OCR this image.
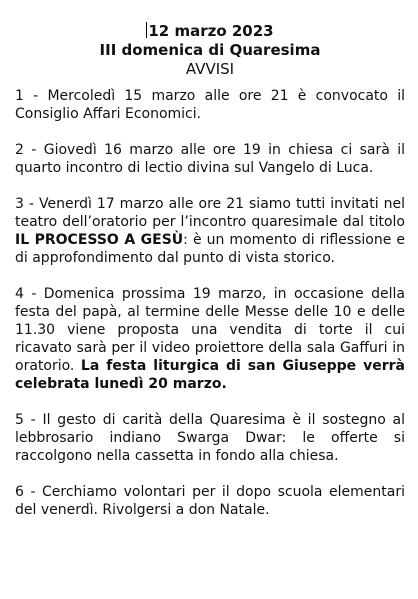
12 marzo 2023
III domenica di Quaresima
AVVISI

1 - Mercoledì 15 marzo alle ore 21 è convocato il Consiglio Affari Economici.

2 - Giovedì 16 marzo alle ore 19 in chiesa ci sarà il quarto incontro di lectio divina sul Vangelo di Luca.

3 - Venerdì 17 marzo alle ore 21 siamo tutti invitati nel teatro dell’oratorio per l’incontro quaresimale dal titolo IL PROCESSO A GESÙ: è un momento di riflessione e di approfondimento dal punto di vista storico.

4 - Domenica prossima 19 marzo, in occasione della festa del papà, al termine delle Messe delle 10 e delle 11.30 viene proposta una vendita di torte il cui ricavato sarà per il video proiettore della sala Gaffuri in oratorio. La festa liturgica di san Giuseppe verrà celebrata lunedì 20 marzo.

5 - Il gesto di carità della Quaresima è il sostegno al lebbrosario indiano Swarga Dwar: le offerte si raccolgono nella cassetta in fondo alla chiesa.

6 - Cerchiamo volontari per il dopo scuola elementari del venerdì. Rivolgersi a don Natale.
